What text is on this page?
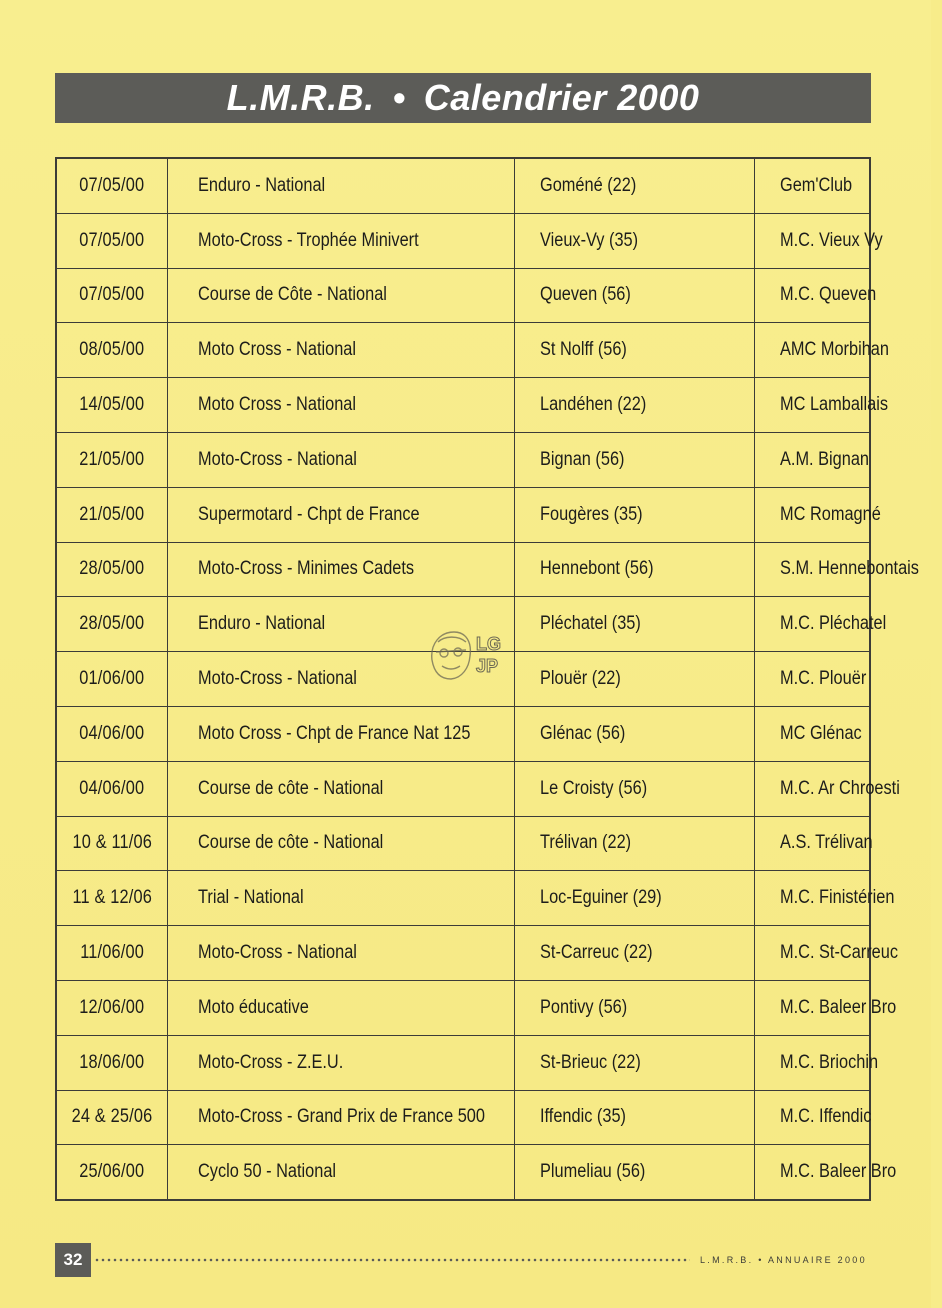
L.M.R.B. • Calendrier 2000
07/05/00	Enduro - National	Goméné (22)	Gem'Club
07/05/00	Moto-Cross - Trophée Minivert	Vieux-Vy (35)	M.C. Vieux Vy
07/05/00	Course de Côte - National	Queven (56)	M.C. Queven
08/05/00	Moto Cross - National	St Nolff (56)	AMC Morbihan
14/05/00	Moto Cross - National	Landéhen (22)	MC Lamballais
21/05/00	Moto-Cross - National	Bignan (56)	A.M. Bignan
21/05/00	Supermotard - Chpt de France	Fougères (35)	MC Romagné
28/05/00	Moto-Cross - Minimes Cadets	Hennebont (56)	S.M. Hennebontais
28/05/00	Enduro - National	Pléchatel (35)	M.C. Pléchatel
01/06/00	Moto-Cross - National	Plouër (22)	M.C. Plouër
04/06/00	Moto Cross - Chpt de France Nat 125	Glénac (56)	MC Glénac
04/06/00	Course de côte - National	Le Croisty (56)	M.C. Ar Chroesti
10 & 11/06	Course de côte - National	Trélivan (22)	A.S. Trélivan
11 & 12/06	Trial - National	Loc-Eguiner (29)	M.C. Finistérien
11/06/00	Moto-Cross - National	St-Carreuc (22)	M.C. St-Carreuc
12/06/00	Moto éducative	Pontivy (56)	M.C. Baleer Bro
18/06/00	Moto-Cross - Z.E.U.	St-Brieuc (22)	M.C. Briochin
24 & 25/06	Moto-Cross - Grand Prix de France 500	Iffendic (35)	M.C. Iffendic
25/06/00	Cyclo 50 - National	Plumeliau (56)	M.C. Baleer Bro
LG
JP
32	L.M.R.B. • ANNUAIRE 2000
